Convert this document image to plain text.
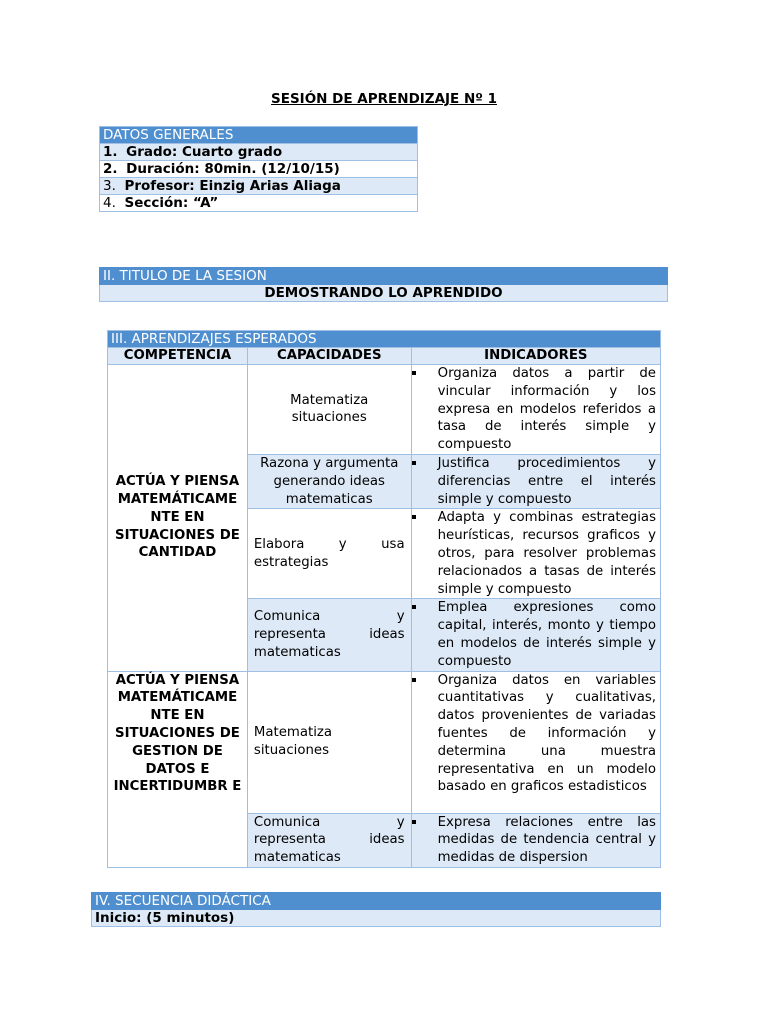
SESIÓN DE APRENDIZAJE Nº 1
DATOS GENERALES
1. Grado: Cuarto grado
2. Duración: 80min. (12/10/15)
3. Profesor: Einzig Arias Aliaga
4. Sección: “A”
II. TITULO DE LA SESION
DEMOSTRANDO LO APRENDIDO
III. APRENDIZAJES ESPERADOS		
COMPETENCIA	CAPACIDADES	INDICADORES
ACTÚA Y PIENSA MATEMÁTICAME NTE EN SITUACIONES DE CANTIDAD	Matematiza situaciones	Organiza datos a partir de vincular información y los expresa en modelos referidos a tasa de interés simple y compuesto
	Razona y argumenta generando ideas matematicas	Justifica procedimientos y diferencias entre el interés simple y compuesto
	Elabora y usa estrategias	Adapta y combinas estrategias heurísticas, recursos graficos y otros, para resolver problemas relacionados a tasas de interés simple y compuesto
	Comunica y representa ideas matematicas	Emplea expresiones como capital, interés, monto y tiempo en modelos de interés simple y compuesto
ACTÚA Y PIENSA MATEMÁTICAME NTE EN SITUACIONES DE GESTION DE DATOS E INCERTIDUMBR E	Matematiza situaciones	Organiza datos en variables cuantitativas y cualitativas, datos provenientes de variadas fuentes de información y determina una muestra representativa en un modelo basado en graficos estadisticos
	Comunica y representa ideas matematicas	Expresa relaciones entre las medidas de tendencia central y medidas de dispersion
IV. SECUENCIA DIDÁCTICA
Inicio: (5 minutos)
